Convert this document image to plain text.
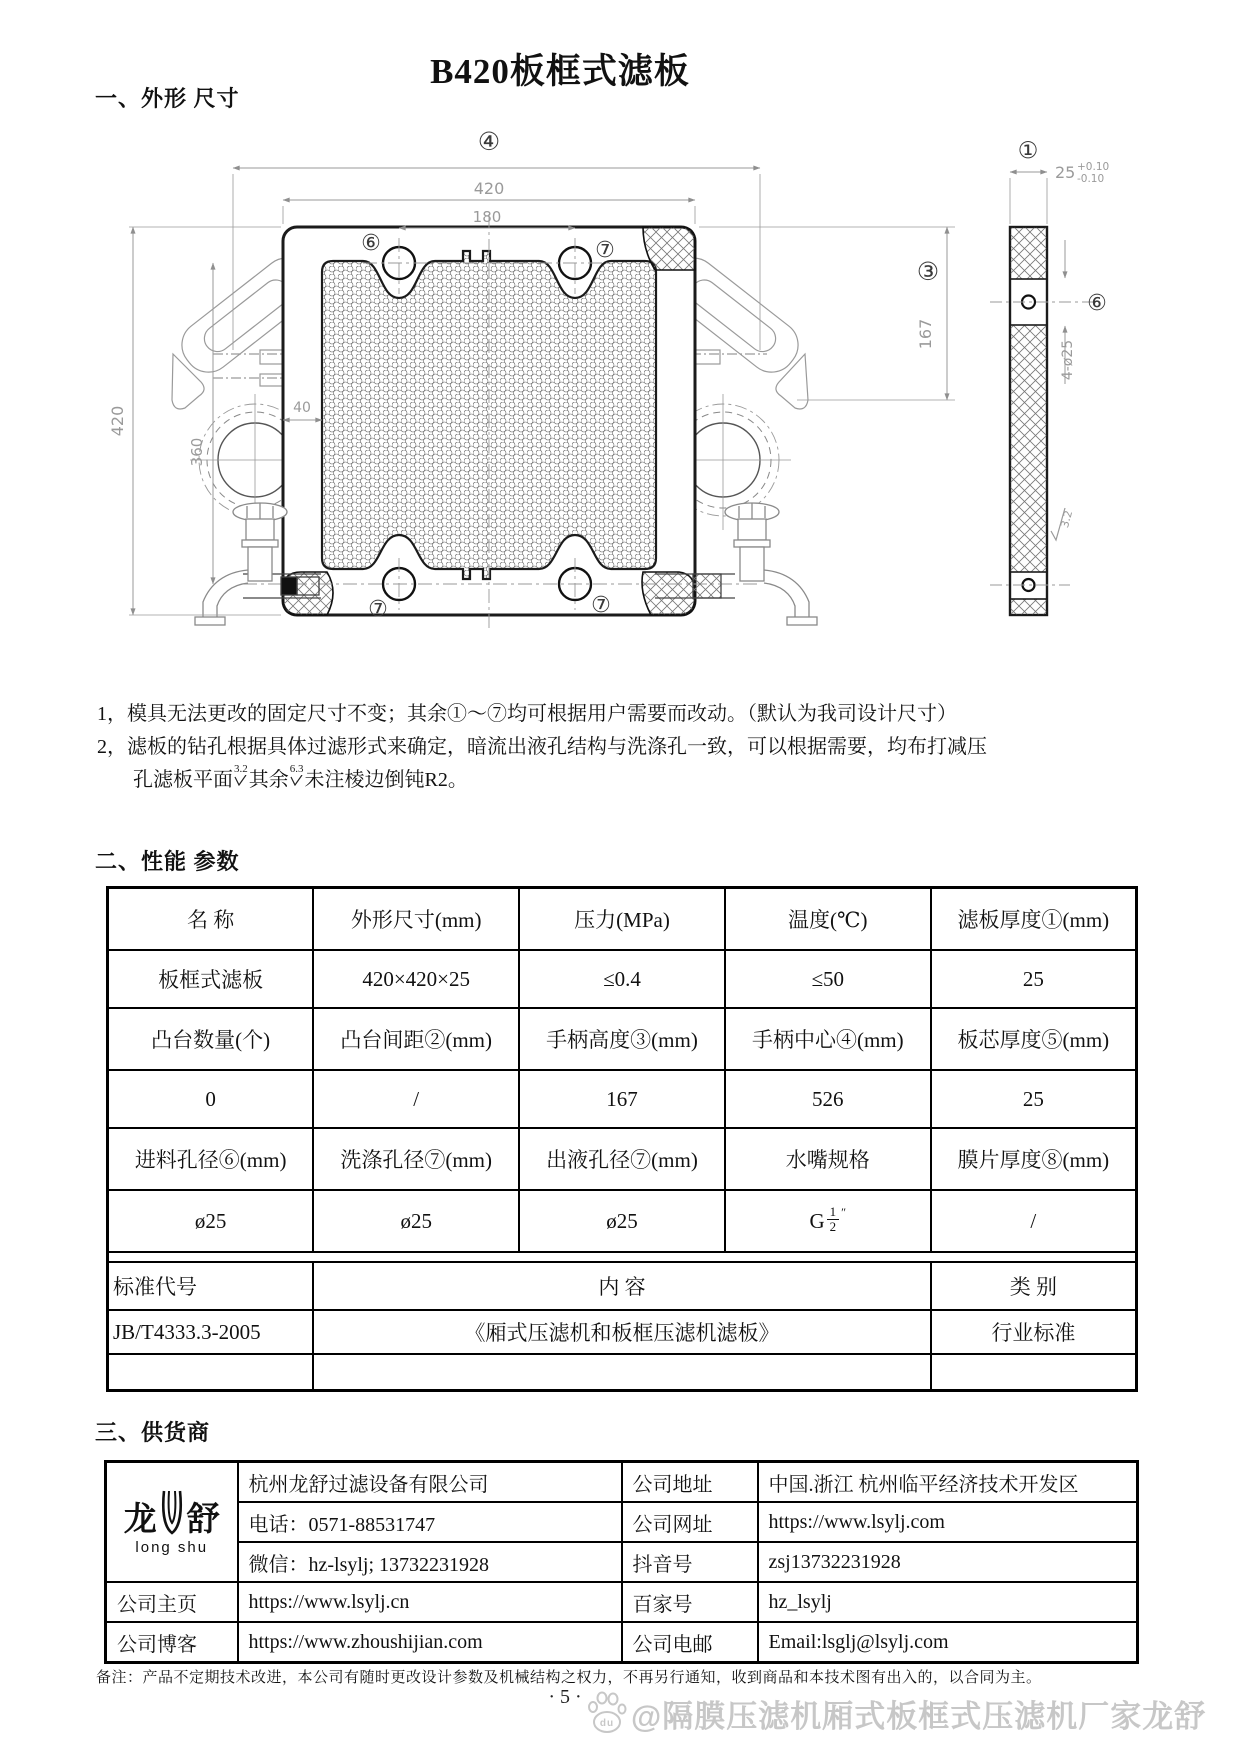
B420板框式滤板
一、外形 尺寸
④
420
180
⑥	⑦
⑦	⑦
420
360
40
③
167
①
25 +0.10
-0.10
⑥
4-ø25
3.2
1，模具无法更改的固定尺寸不变；其余①～⑦均可根据用户需要而改动。（默认为我司设计尺寸）
2，滤板的钻孔根据具体过滤形式来确定，暗流出液孔结构与洗涤孔一致，可以根据需要，均布打减压
孔滤板平面 3.2 其余 6.3 未注棱边倒钝R2。
二、性能 参数
名 称	外形尺寸(mm)	压力(MPa)	温度(℃)	滤板厚度①(mm)
板框式滤板	420×420×25	≤0.4	≤50	25
凸台数量(个)	凸台间距②(mm)	手柄高度③(mm)	手柄中心④(mm)	板芯厚度⑤(mm)
0	/	167	526	25
进料孔径⑥(mm)	洗涤孔径⑦(mm)	出液孔径⑦(mm)	水嘴规格	膜片厚度⑧(mm)
ø25	ø25	ø25	G $\frac{1}{2}$ ″	/

标准代号	内 容			类 别
JB/T4333.3-2005	《厢式压滤机和板框压滤机滤板》			行业标准

三、供货商
龙 舒
long shu	杭州龙舒过滤设备有限公司	公司地址	中国.浙江 杭州临平经济技术开发区
	电话：0571-88531747	公司网址	https://www.lsylj.com
	微信：hz-lsylj; 13732231928	抖音号	zsj13732231928
公司主页	https://www.lsylj.cn	百家号	hz_lsylj
公司博客	https://www.zhoushijian.com	公司电邮	Email:lsglj@lsylj.com
备注：产品不定期技术改进，本公司有随时更改设计参数及机械结构之权力，不再另行通知，收到商品和本技术图有出入的，以合同为主。
· 5 ·
du @隔膜压滤机厢式板框式压滤机厂家龙舒
